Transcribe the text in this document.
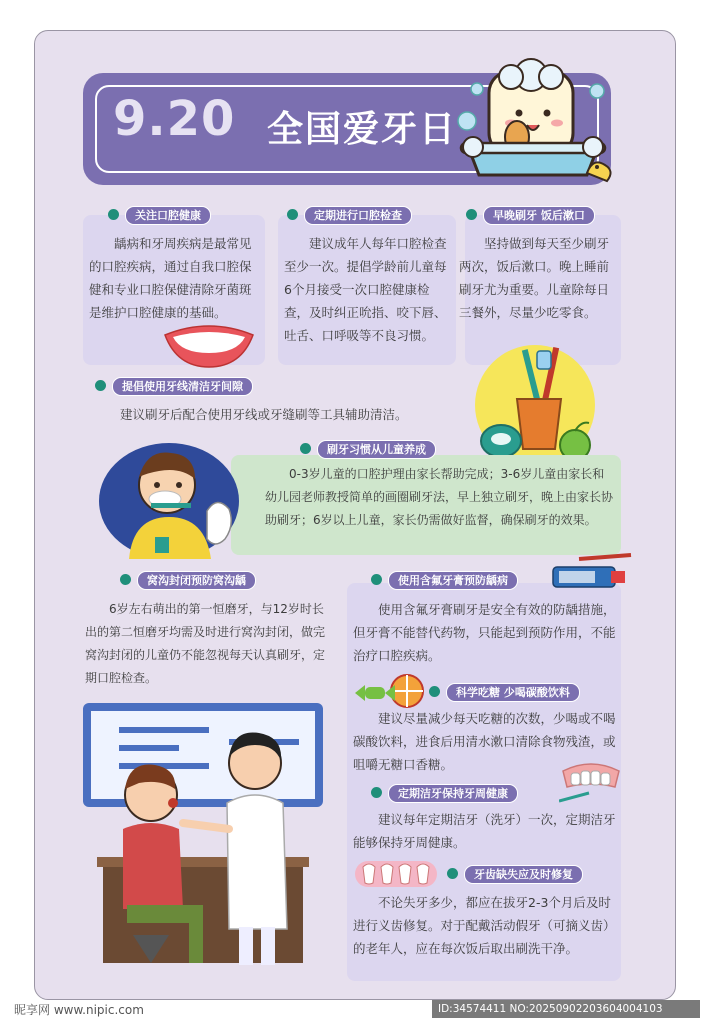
9.20 全国爱牙日
关注口腔健康
龋病和牙周疾病是最常见的口腔疾病，通过自我口腔保健和专业口腔保健清除牙菌斑是维护口腔健康的基础。
定期进行口腔检查
建议成年人每年口腔检查至少一次。提倡学龄前儿童每6个月接受一次口腔健康检查，及时纠正吮指、咬下唇、吐舌、口呼吸等不良习惯。
早晚刷牙 饭后漱口
坚持做到每天至少刷牙两次，饭后漱口。晚上睡前刷牙尤为重要。儿童除每日三餐外，尽量少吃零食。
提倡使用牙线清洁牙间隙
建议刷牙后配合使用牙线或牙缝刷等工具辅助清洁。
刷牙习惯从儿童养成
0-3岁儿童的口腔护理由家长帮助完成；3-6岁儿童由家长和幼儿园老师教授简单的画圈刷牙法，早上独立刷牙，晚上由家长协助刷牙；6岁以上儿童，家长仍需做好监督，确保刷牙的效果。
窝沟封闭预防窝沟龋
6岁左右萌出的第一恒磨牙，与12岁时长出的第二恒磨牙均需及时进行窝沟封闭，做完窝沟封闭的儿童仍不能忽视每天认真刷牙，定期口腔检查。
使用含氟牙膏预防龋病
使用含氟牙膏刷牙是安全有效的防龋措施，但牙膏不能替代药物，只能起到预防作用，不能治疗口腔疾病。
科学吃糖 少喝碳酸饮料
建议尽量减少每天吃糖的次数，少喝或不喝碳酸饮料，进食后用清水漱口清除食物残渣，或咀嚼无糖口香糖。
定期洁牙保持牙周健康
建议每年定期洁牙（洗牙）一次，定期洁牙能够保持牙周健康。
牙齿缺失应及时修复
不论失牙多少，都应在拔牙2-3个月后及时进行义齿修复。对于配戴活动假牙（可摘义齿）的老年人，应在每次饭后取出刷洗干净。
昵享网 www.nipic.com	ID:34574411 NO:20250902203604004103
